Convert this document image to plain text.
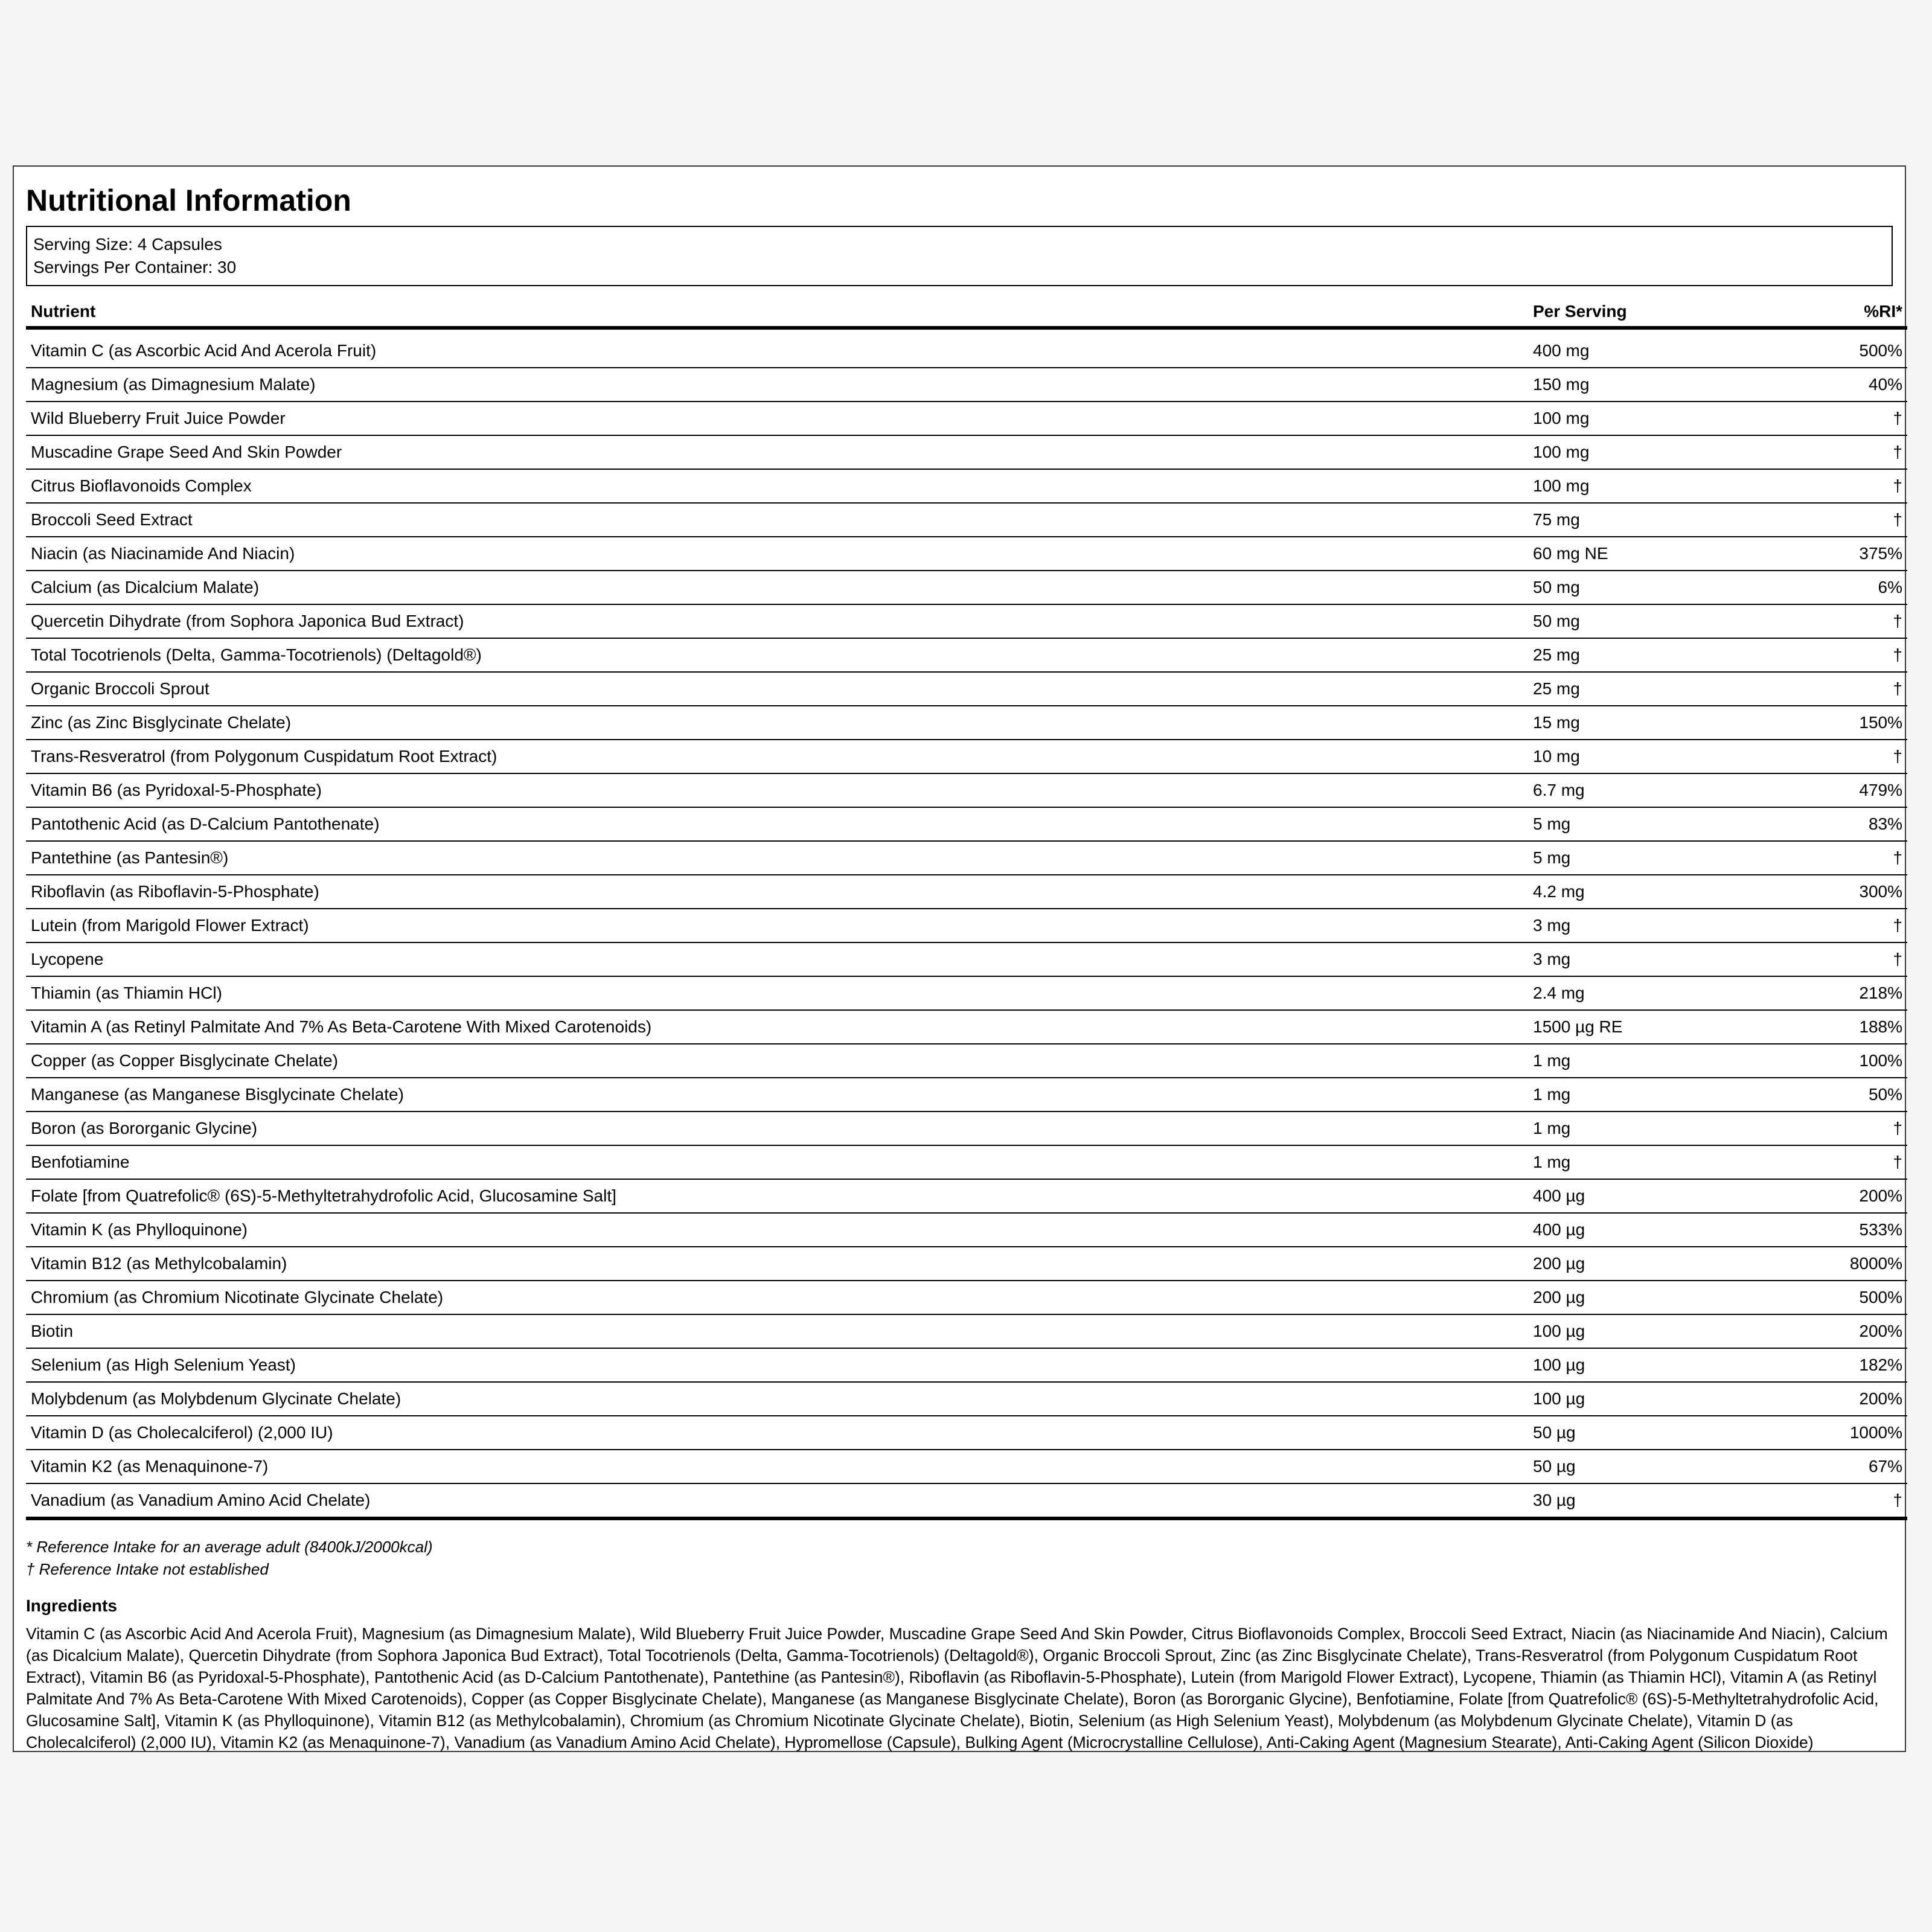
Nutritional Information
Serving Size: 4 Capsules
Servings Per Container: 30
Nutrient	Per Serving	%RI*

Vitamin C (as Ascorbic Acid And Acerola Fruit)	400 mg	500%
Magnesium (as Dimagnesium Malate)	150 mg	40%
Wild Blueberry Fruit Juice Powder	100 mg	†
Muscadine Grape Seed And Skin Powder	100 mg	†
Citrus Bioflavonoids Complex	100 mg	†
Broccoli Seed Extract	75 mg	†
Niacin (as Niacinamide And Niacin)	60 mg NE	375%
Calcium (as Dicalcium Malate)	50 mg	6%
Quercetin Dihydrate (from Sophora Japonica Bud Extract)	50 mg	†
Total Tocotrienols (Delta, Gamma-Tocotrienols) (Deltagold®)	25 mg	†
Organic Broccoli Sprout	25 mg	†
Zinc (as Zinc Bisglycinate Chelate)	15 mg	150%
Trans-Resveratrol (from Polygonum Cuspidatum Root Extract)	10 mg	†
Vitamin B6 (as Pyridoxal-5-Phosphate)	6.7 mg	479%
Pantothenic Acid (as D-Calcium Pantothenate)	5 mg	83%
Pantethine (as Pantesin®)	5 mg	†
Riboflavin (as Riboflavin-5-Phosphate)	4.2 mg	300%
Lutein (from Marigold Flower Extract)	3 mg	†
Lycopene	3 mg	†
Thiamin (as Thiamin HCl)	2.4 mg	218%
Vitamin A (as Retinyl Palmitate And 7% As Beta-Carotene With Mixed Carotenoids)	1500 µg RE	188%
Copper (as Copper Bisglycinate Chelate)	1 mg	100%
Manganese (as Manganese Bisglycinate Chelate)	1 mg	50%
Boron (as Bororganic Glycine)	1 mg	†
Benfotiamine	1 mg	†
Folate [from Quatrefolic® (6S)-5-Methyltetrahydrofolic Acid, Glucosamine Salt]	400 µg	200%
Vitamin K (as Phylloquinone)	400 µg	533%
Vitamin B12 (as Methylcobalamin)	200 µg	8000%
Chromium (as Chromium Nicotinate Glycinate Chelate)	200 µg	500%
Biotin	100 µg	200%
Selenium (as High Selenium Yeast)	100 µg	182%
Molybdenum (as Molybdenum Glycinate Chelate)	100 µg	200%
Vitamin D (as Cholecalciferol) (2,000 IU)	50 µg	1000%
Vitamin K2 (as Menaquinone-7)	50 µg	67%
Vanadium (as Vanadium Amino Acid Chelate)	30 µg	†
* Reference Intake for an average adult (8400kJ/2000kcal)
† Reference Intake not established
Ingredients
Vitamin C (as Ascorbic Acid And Acerola Fruit), Magnesium (as Dimagnesium Malate), Wild Blueberry Fruit Juice Powder, Muscadine Grape Seed And Skin Powder, Citrus Bioflavonoids Complex, Broccoli Seed Extract, Niacin (as Niacinamide And Niacin), Calcium (as Dicalcium Malate), Quercetin Dihydrate (from Sophora Japonica Bud Extract), Total Tocotrienols (Delta, Gamma-Tocotrienols) (Deltagold®), Organic Broccoli Sprout, Zinc (as Zinc Bisglycinate Chelate), Trans-Resveratrol (from Polygonum Cuspidatum Root Extract), Vitamin B6 (as Pyridoxal-5-Phosphate), Pantothenic Acid (as D-Calcium Pantothenate), Pantethine (as Pantesin®), Riboflavin (as Riboflavin-5-Phosphate), Lutein (from Marigold Flower Extract), Lycopene, Thiamin (as Thiamin HCl), Vitamin A (as Retinyl Palmitate And 7% As Beta-Carotene With Mixed Carotenoids), Copper (as Copper Bisglycinate Chelate), Manganese (as Manganese Bisglycinate Chelate), Boron (as Bororganic Glycine), Benfotiamine, Folate [from Quatrefolic® (6S)-5-Methyltetrahydrofolic Acid, Glucosamine Salt], Vitamin K (as Phylloquinone), Vitamin B12 (as Methylcobalamin), Chromium (as Chromium Nicotinate Glycinate Chelate), Biotin, Selenium (as High Selenium Yeast), Molybdenum (as Molybdenum Glycinate Chelate), Vitamin D (as Cholecalciferol) (2,000 IU), Vitamin K2 (as Menaquinone-7), Vanadium (as Vanadium Amino Acid Chelate), Hypromellose (Capsule), Bulking Agent (Microcrystalline Cellulose), Anti-Caking Agent (Magnesium Stearate), Anti-Caking Agent (Silicon Dioxide)
